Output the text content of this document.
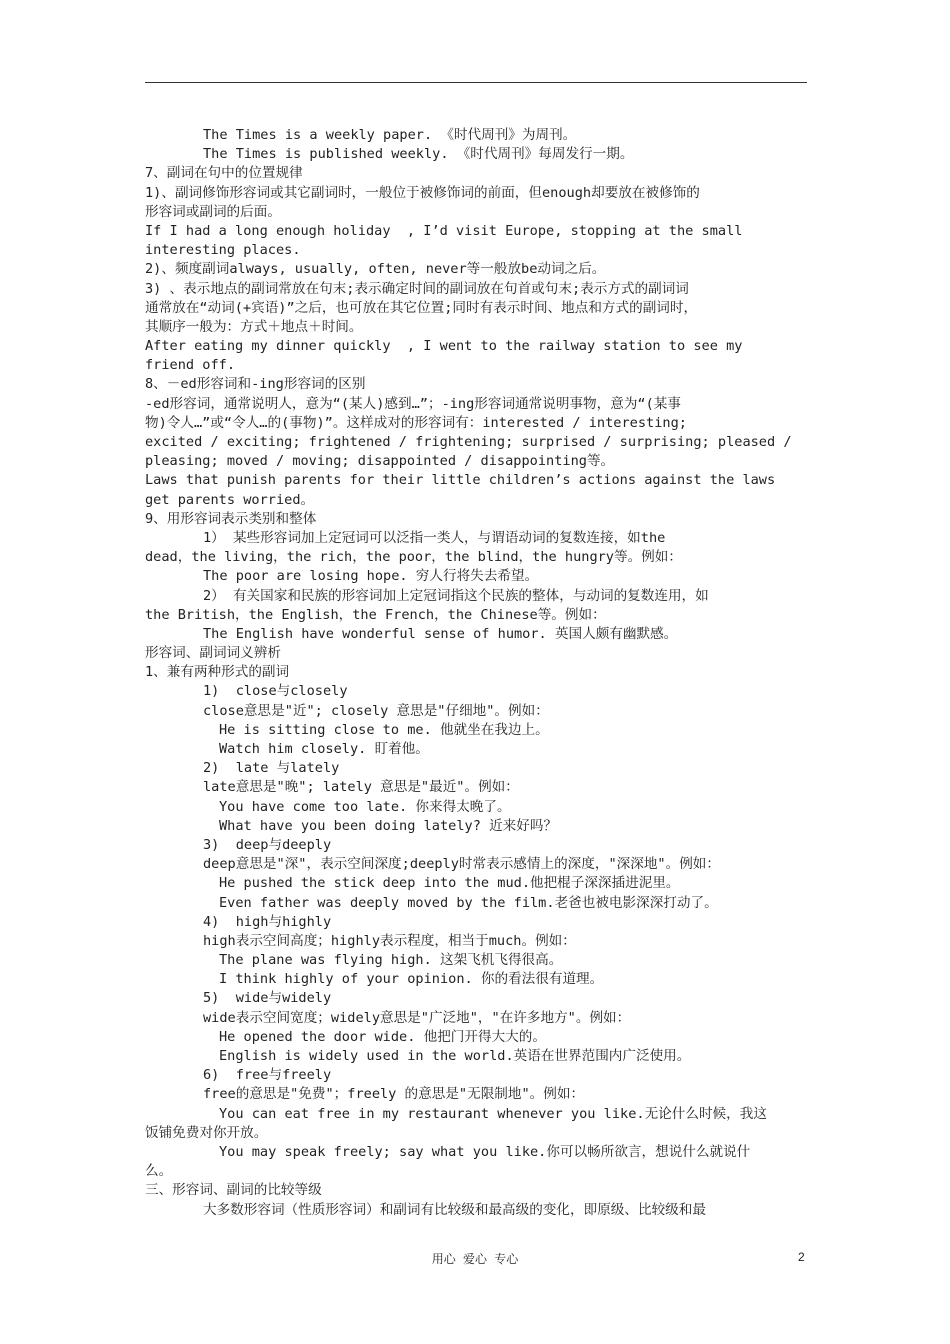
The Times is a weekly paper. 《时代周刊》为周刊。
The Times is published weekly. 《时代周刊》每周发行一期。
7、副词在句中的位置规律
1)、副词修饰形容词或其它副词时，一般位于被修饰词的前面，但enough却要放在被修饰的
形容词或副词的后面。
If I had a long enough holiday  , I’d visit Europe, stopping at the small
interesting places.
2)、频度副词always, usually, often, never等一般放be动词之后。
3) 、表示地点的副词常放在句末;表示确定时间的副词放在句首或句末;表示方式的副词词
通常放在“动词(+宾语)”之后，也可放在其它位置;同时有表示时间、地点和方式的副词时，
其顺序一般为：方式＋地点＋时间。
After eating my dinner quickly  , I went to the railway station to see my
friend off.
8、－ed形容词和-ing形容词的区别
-ed形容词，通常说明人，意为“(某人)感到…”；-ing形容词通常说明事物，意为“(某事
物)令人…”或“令人…的(事物)”。这样成对的形容词有：interested / interesting;
excited / exciting; frightened / frightening; surprised / surprising; pleased /
pleasing; moved / moving; disappointed / disappointing等。
Laws that punish parents for their little children’s actions against the laws
get parents worried。
9、用形容词表示类别和整体
1） 某些形容词加上定冠词可以泛指一类人，与谓语动词的复数连接，如the
dead，the living，the rich，the poor，the blind，the hungry等。例如：
The poor are losing hope. 穷人行将失去希望。
2） 有关国家和民族的形容词加上定冠词指这个民族的整体，与动词的复数连用，如
the British，the English，the French，the Chinese等。例如：
The English have wonderful sense of humor. 英国人颇有幽默感。
形容词、副词词义辨析
1、兼有两种形式的副词
1)  close与closely
close意思是"近"; closely 意思是"仔细地"。例如：
He is sitting close to me. 他就坐在我边上。
Watch him closely. 盯着他。
2)  late 与lately
late意思是"晚"; lately 意思是"最近"。例如：
You have come too late. 你来得太晚了。
What have you been doing lately? 近来好吗？
3)  deep与deeply
deep意思是"深"，表示空间深度;deeply时常表示感情上的深度，"深深地"。例如：
He pushed the stick deep into the mud.他把棍子深深插进泥里。
Even father was deeply moved by the film.老爸也被电影深深打动了。
4)  high与highly
high表示空间高度；highly表示程度，相当于much。例如：
The plane was flying high. 这架飞机飞得很高。
I think highly of your opinion. 你的看法很有道理。
5)  wide与widely
wide表示空间宽度；widely意思是"广泛地"，"在许多地方"。例如：
He opened the door wide. 他把门开得大大的。
English is widely used in the world.英语在世界范围内广泛使用。
6)  free与freely
free的意思是"免费"；freely 的意思是"无限制地"。例如：
You can eat free in my restaurant whenever you like.无论什么时候，我这
饭铺免费对你开放。
You may speak freely; say what you like.你可以畅所欲言，想说什么就说什
么。
三、形容词、副词的比较等级
大多数形容词（性质形容词）和副词有比较级和最高级的变化，即原级、比较级和最
用心 爱心 专心	2
